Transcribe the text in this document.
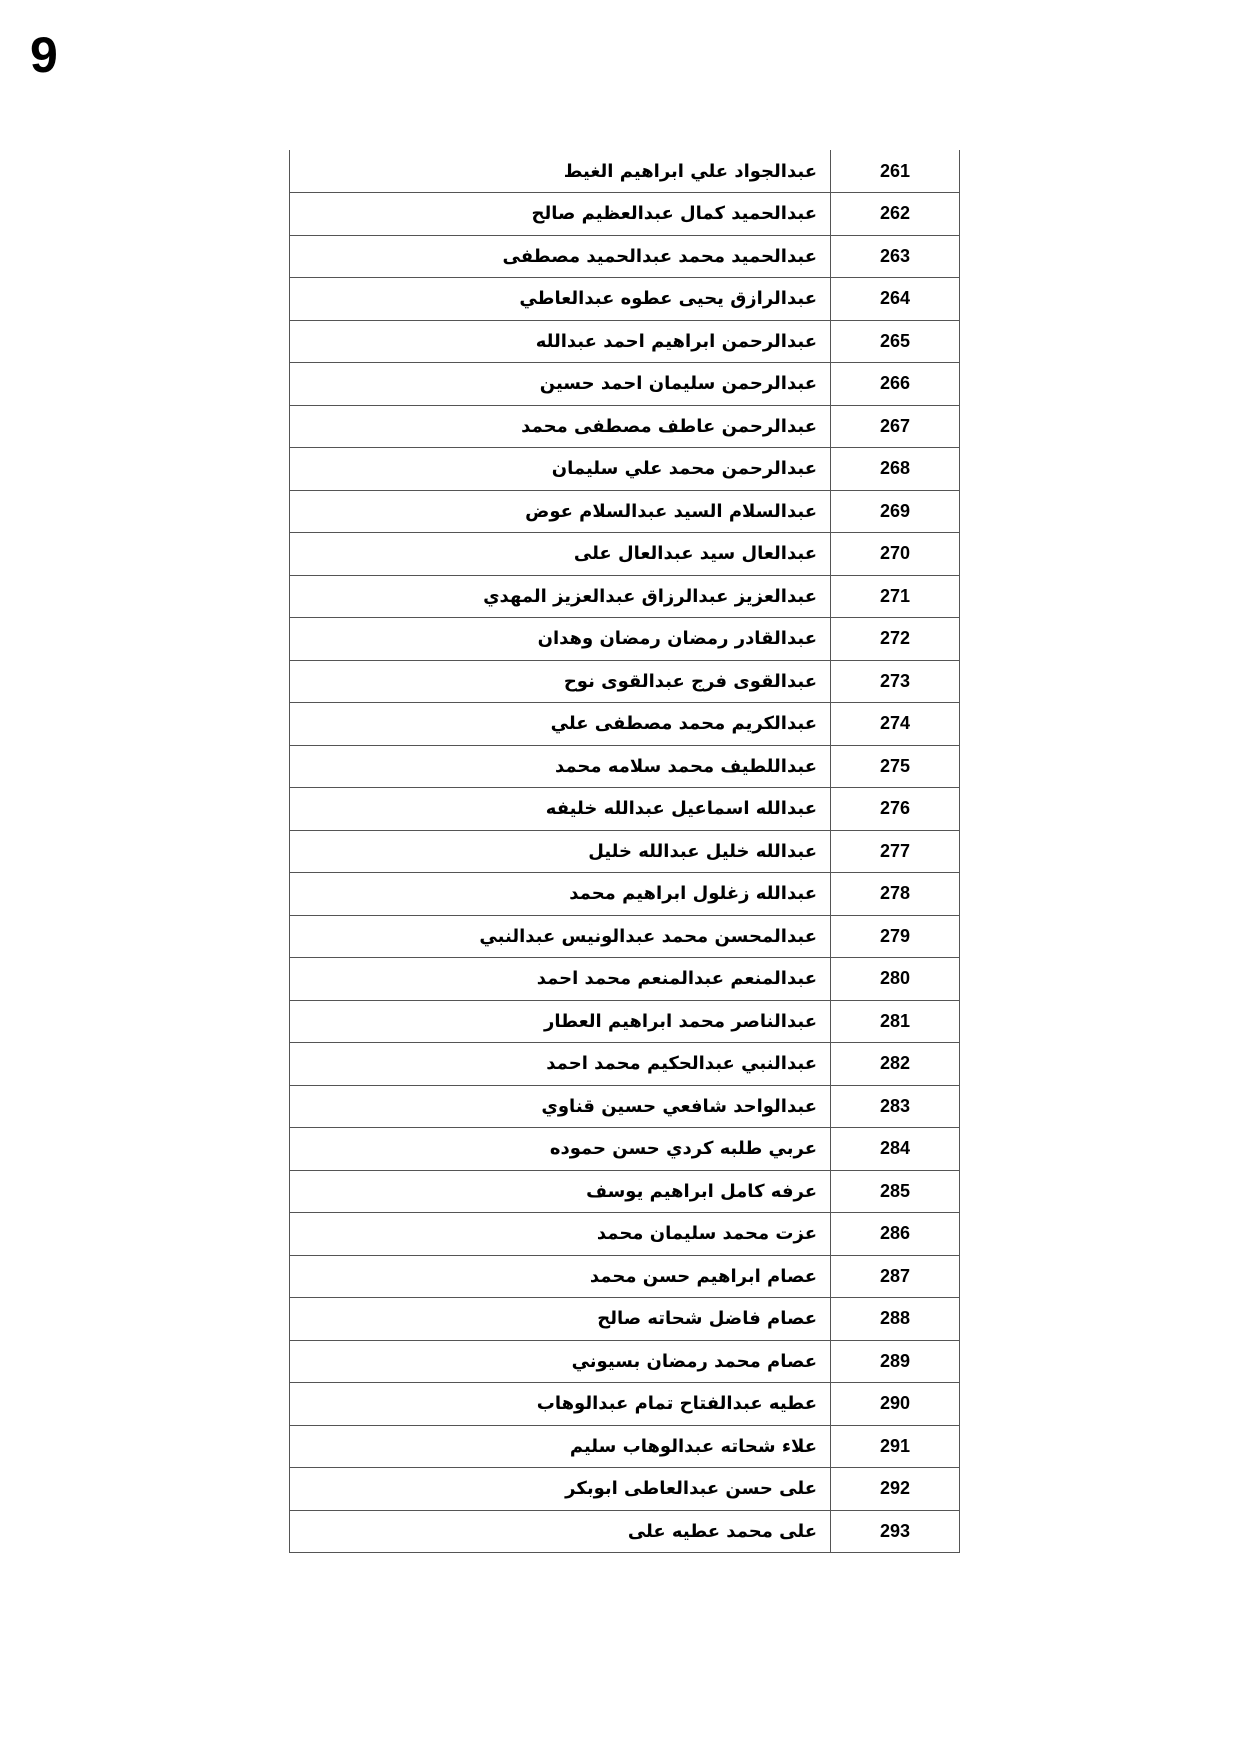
9
عبدالجواد علي ابراهيم الغيط	261
عبدالحميد كمال عبدالعظيم صالح	262
عبدالحميد محمد عبدالحميد مصطفى	263
عبدالرازق يحيى عطوه عبدالعاطي	264
عبدالرحمن ابراهيم احمد عبدالله	265
عبدالرحمن سليمان احمد حسين	266
عبدالرحمن عاطف مصطفى محمد	267
عبدالرحمن محمد علي سليمان	268
عبدالسلام السيد عبدالسلام عوض	269
عبدالعال سيد عبدالعال على	270
عبدالعزيز عبدالرزاق عبدالعزيز المهدي	271
عبدالقادر رمضان رمضان وهدان	272
عبدالقوى فرج عبدالقوى نوح	273
عبدالكريم محمد مصطفى علي	274
عبداللطيف محمد سلامه محمد	275
عبدالله اسماعيل عبدالله خليفه	276
عبدالله خليل عبدالله خليل	277
عبدالله زغلول ابراهيم محمد	278
عبدالمحسن محمد عبدالونيس عبدالنبي	279
عبدالمنعم عبدالمنعم محمد احمد	280
عبدالناصر محمد ابراهيم العطار	281
عبدالنبي عبدالحكيم محمد احمد	282
عبدالواحد شافعي حسين قناوي	283
عربي طلبه كردي حسن حموده	284
عرفه كامل ابراهيم يوسف	285
عزت محمد سليمان محمد	286
عصام ابراهيم حسن محمد	287
عصام فاضل شحاته صالح	288
عصام محمد رمضان بسيوني	289
عطيه عبدالفتاح تمام عبدالوهاب	290
علاء شحاته عبدالوهاب سليم	291
على حسن عبدالعاطى ابوبكر	292
على محمد عطيه على	293
